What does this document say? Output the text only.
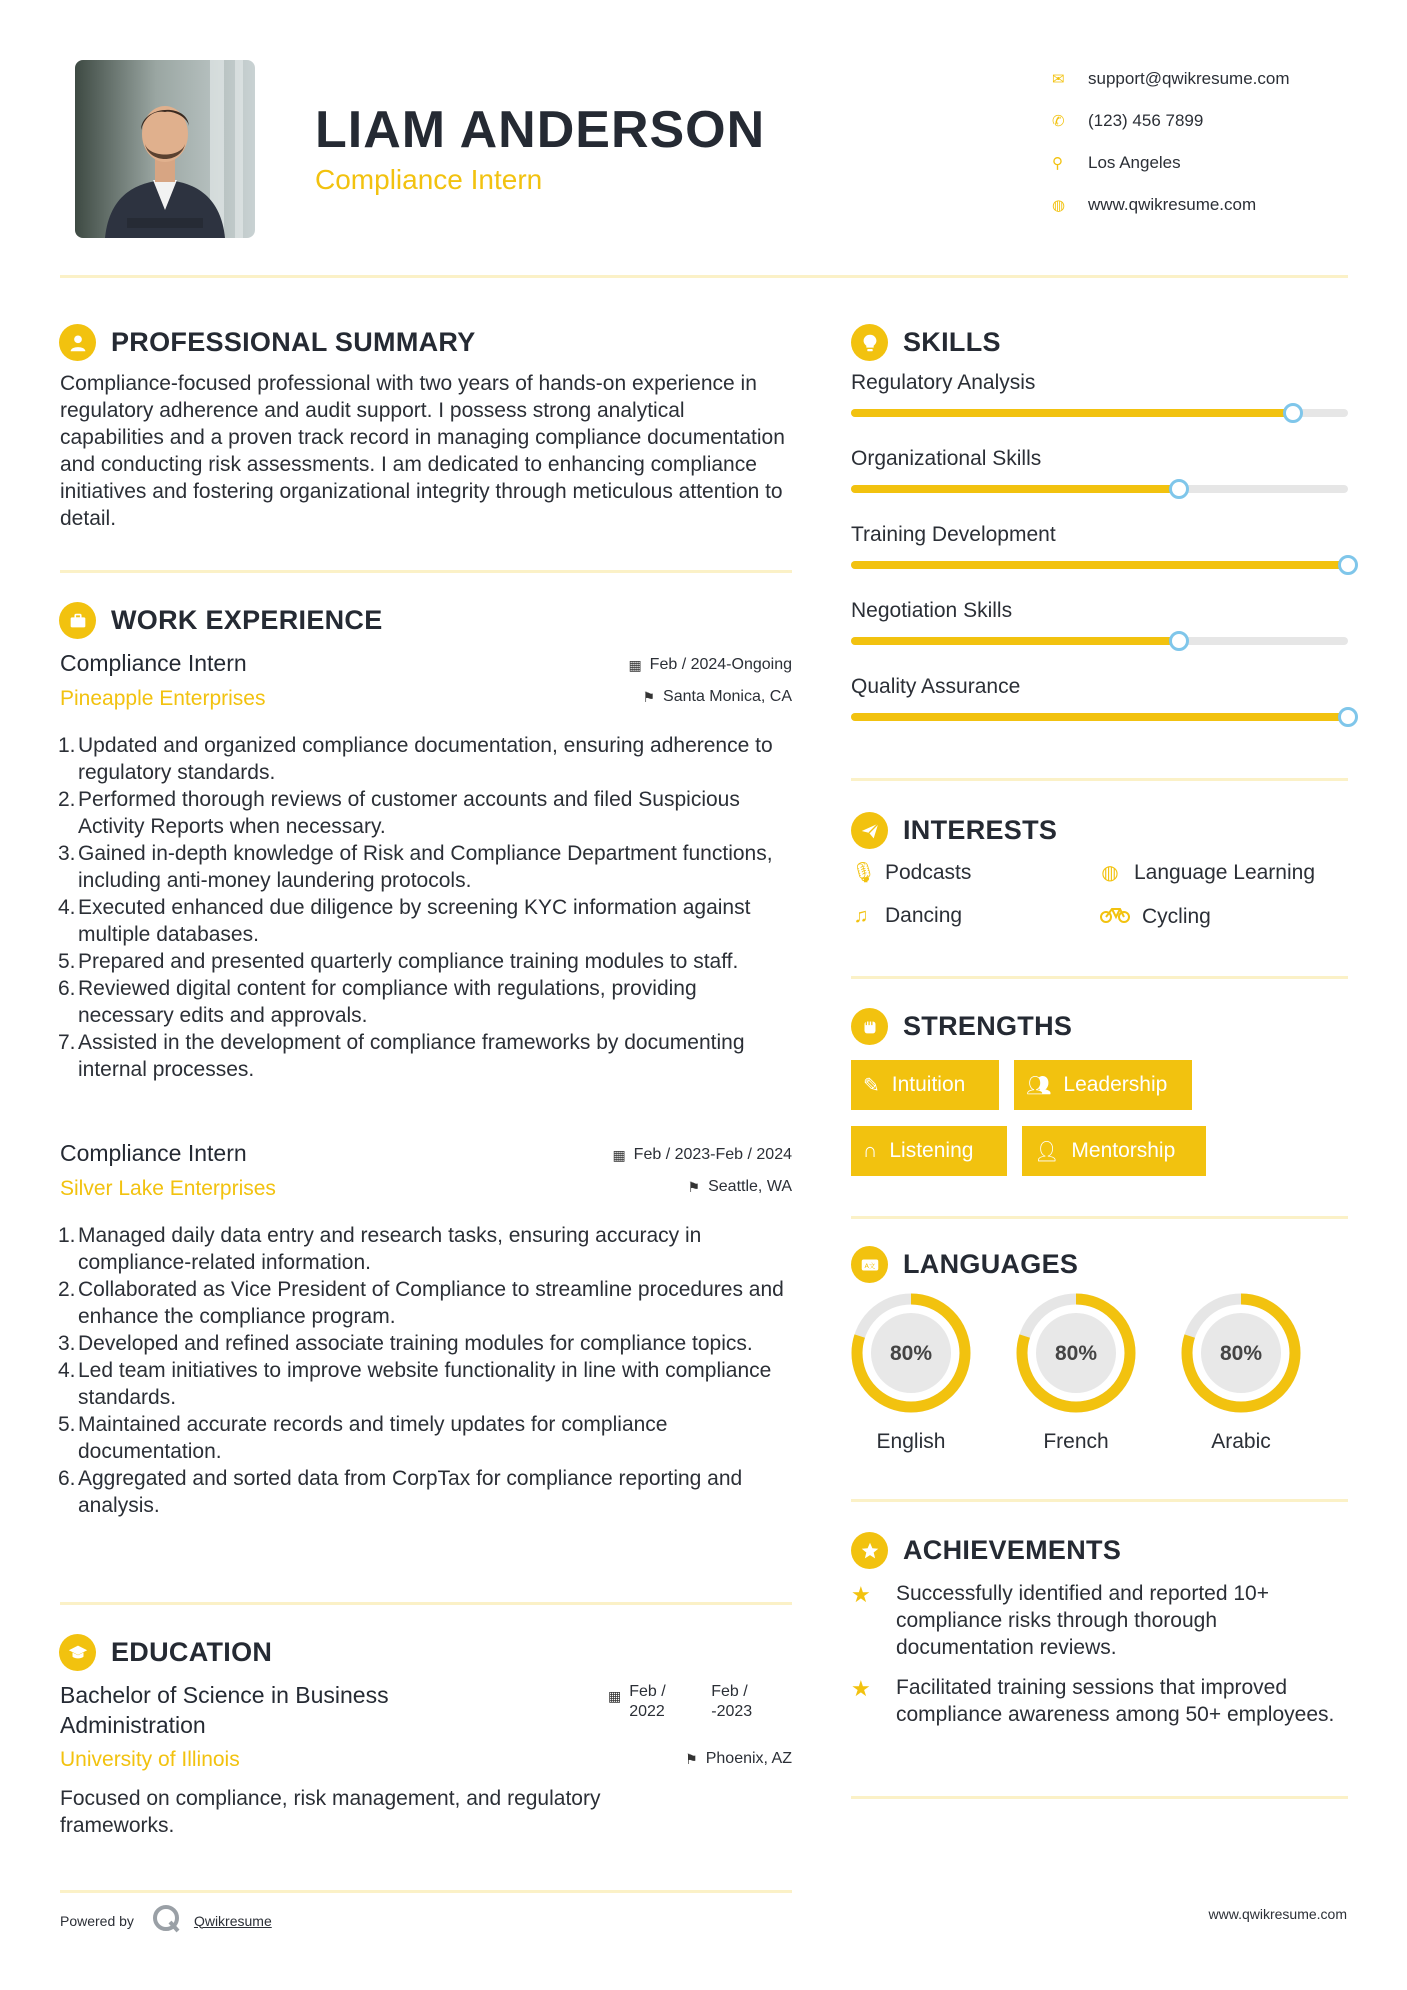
LIAM ANDERSON
Compliance Intern
✉	support@qwikresume.com
✆	(123) 456 7899
⚲	Los Angeles
◍	www.qwikresume.com
PROFESSIONAL SUMMARY
Compliance-focused professional with two years of hands-on experience in regulatory adherence and audit support. I possess strong analytical capabilities and a proven track record in managing compliance documentation and conducting risk assessments. I am dedicated to enhancing compliance initiatives and fostering organizational integrity through meticulous attention to detail.
WORK EXPERIENCE
Compliance Intern
Pineapple Enterprises
▦ Feb / 2024-Ongoing
⚑ Santa Monica, CA
1. Updated and organized compliance documentation, ensuring adherence to regulatory standards.
2. Performed thorough reviews of customer accounts and filed Suspicious Activity Reports when necessary.
3. Gained in-depth knowledge of Risk and Compliance Department functions, including anti-money laundering protocols.
4. Executed enhanced due diligence by screening KYC information against multiple databases.
5. Prepared and presented quarterly compliance training modules to staff.
6. Reviewed digital content for compliance with regulations, providing necessary edits and approvals.
7. Assisted in the development of compliance frameworks by documenting internal processes.
Compliance Intern
Silver Lake Enterprises
▦ Feb / 2023-Feb / 2024
⚑ Seattle, WA
1. Managed daily data entry and research tasks, ensuring accuracy in compliance-related information.
2. Collaborated as Vice President of Compliance to streamline procedures and enhance the compliance program.
3. Developed and refined associate training modules for compliance topics.
4. Led team initiatives to improve website functionality in line with compliance standards.
5. Maintained accurate records and timely updates for compliance documentation.
6. Aggregated and sorted data from CorpTax for compliance reporting and analysis.
EDUCATION
Bachelor of Science in Business Administration
University of Illinois
▦ Feb /
2022
Feb /
-2023
⚑ Phoenix, AZ
Focused on compliance, risk management, and regulatory frameworks.
Powered by	Qwikresume	www.qwikresume.com
SKILLS
Regulatory Analysis
Organizational Skills
Training Development
Negotiation Skills
Quality Assurance
INTERESTS
🎙︎ Podcasts	◍ Language Learning
♫ Dancing	Cycling
STRENGTHS
✎ Intuition	👥︎ Leadership
∩ Listening	👤︎ Mentorship
A文 LANGUAGES
80%
English
80%
French
80%
Arabic
ACHIEVEMENTS
★	Successfully identified and reported 10+ compliance risks through thorough documentation reviews.
★	Facilitated training sessions that improved compliance awareness among 50+ employees.
